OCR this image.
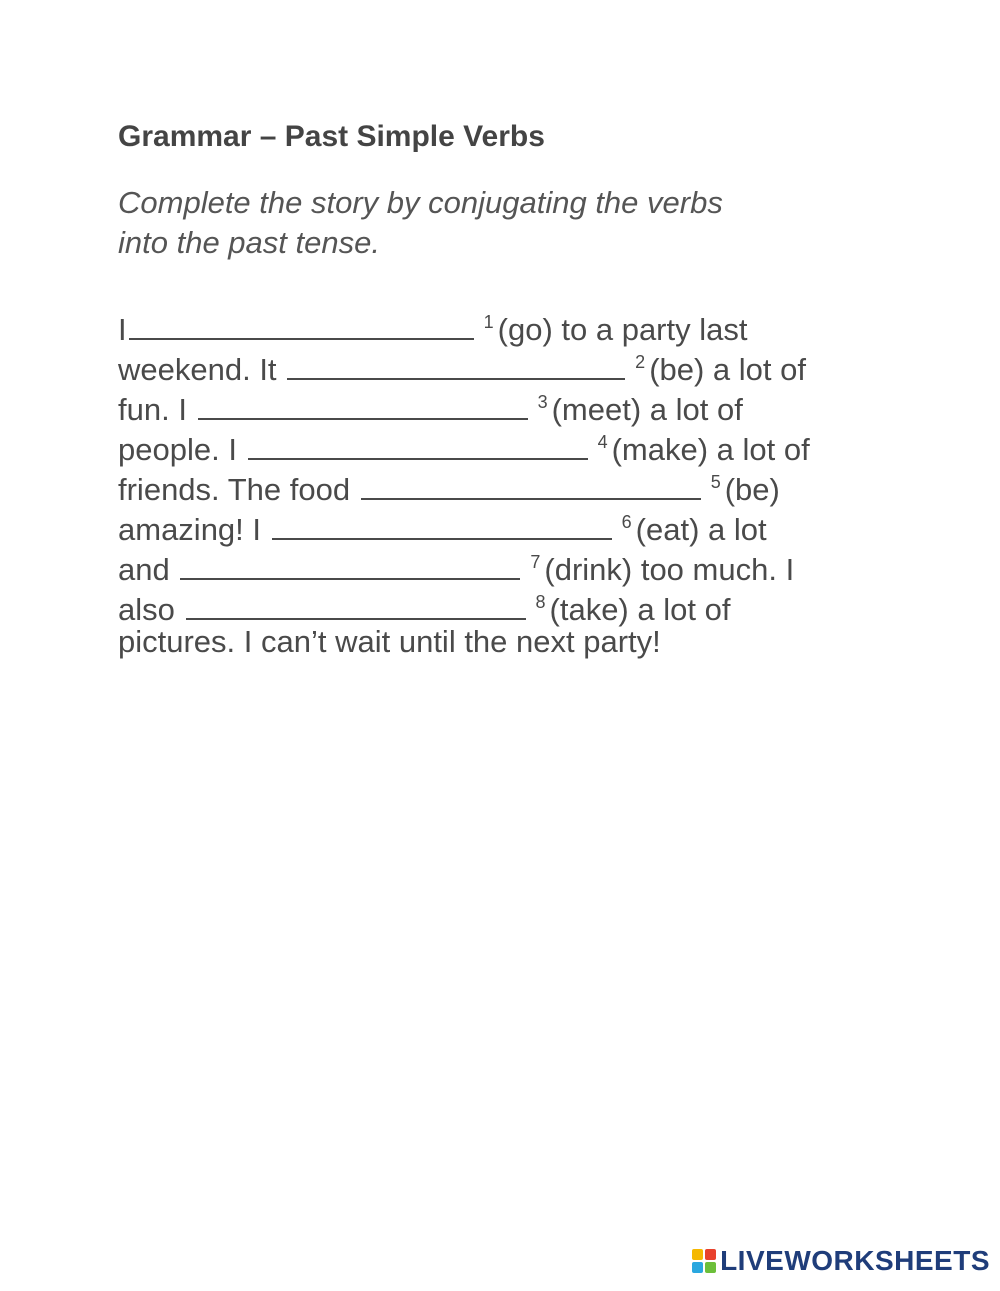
Grammar – Past Simple Verbs
Complete the story by conjugating the verbs
into the past tense.
I	$^1$ (go) to a party last
weekend. It	$^2$ (be) a lot of
fun. I	$^3$ (meet) a lot of
people. I	$^4$ (make) a lot of
friends. The food	$^5$ (be)
amazing! I	$^6$ (eat) a lot
and	$^7$ (drink) too much. I
also	$^8$ (take) a lot of
pictures. I can’t wait until the next party!
LIVEWORKSHEETS
